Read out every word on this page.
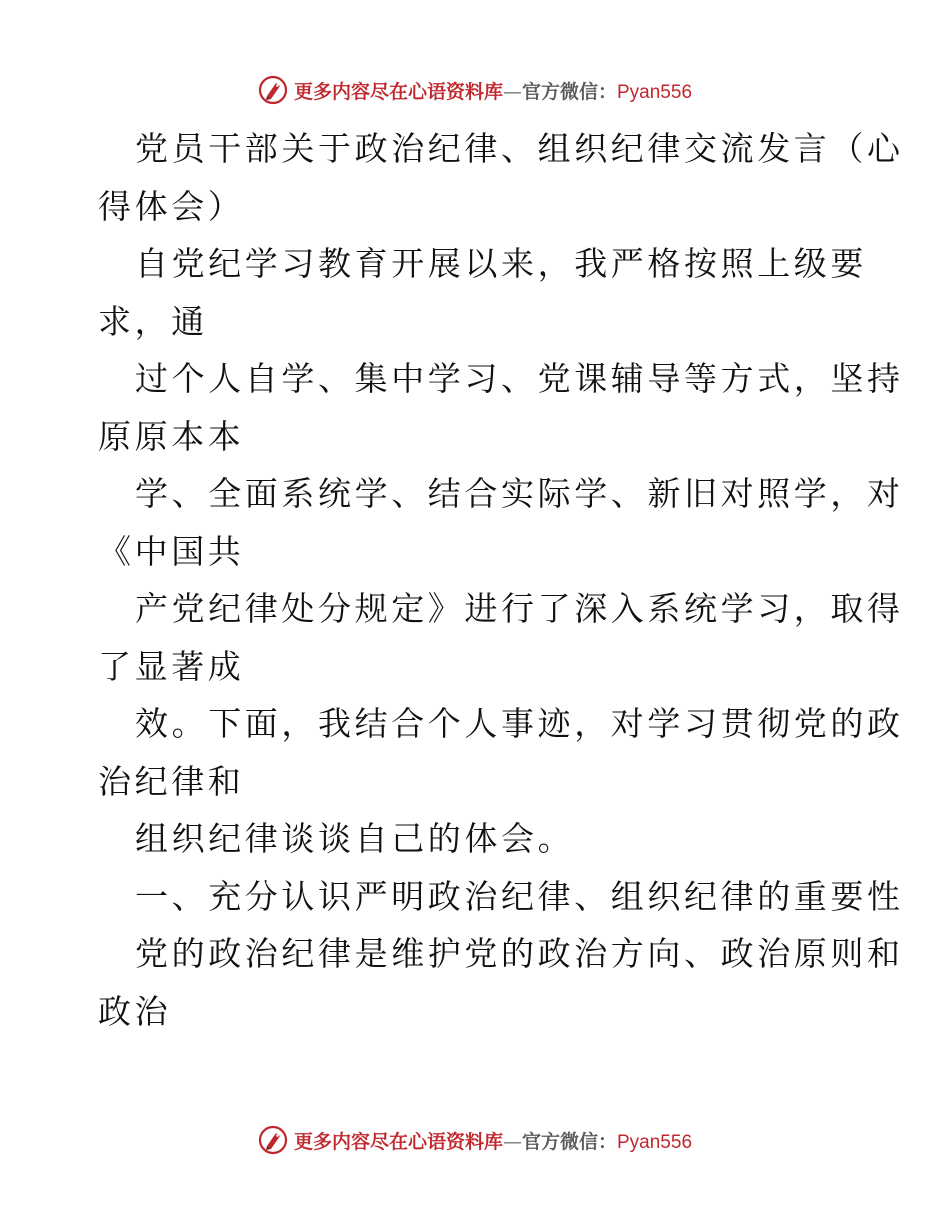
更多内容尽在心语资料库—官方微信：Pyan556
党员干部关于政治纪律、组织纪律交流发言（心
得体会）
自党纪学习教育开展以来，我严格按照上级要
求，通
过个人自学、集中学习、党课辅导等方式，坚持
原原本本
学、全面系统学、结合实际学、新旧对照学，对
《中国共
产党纪律处分规定》进行了深入系统学习，取得
了显著成
效。下面，我结合个人事迹，对学习贯彻党的政
治纪律和
组织纪律谈谈自己的体会。
一、充分认识严明政治纪律、组织纪律的重要性
党的政治纪律是维护党的政治方向、政治原则和
政治
更多内容尽在心语资料库—官方微信：Pyan556
